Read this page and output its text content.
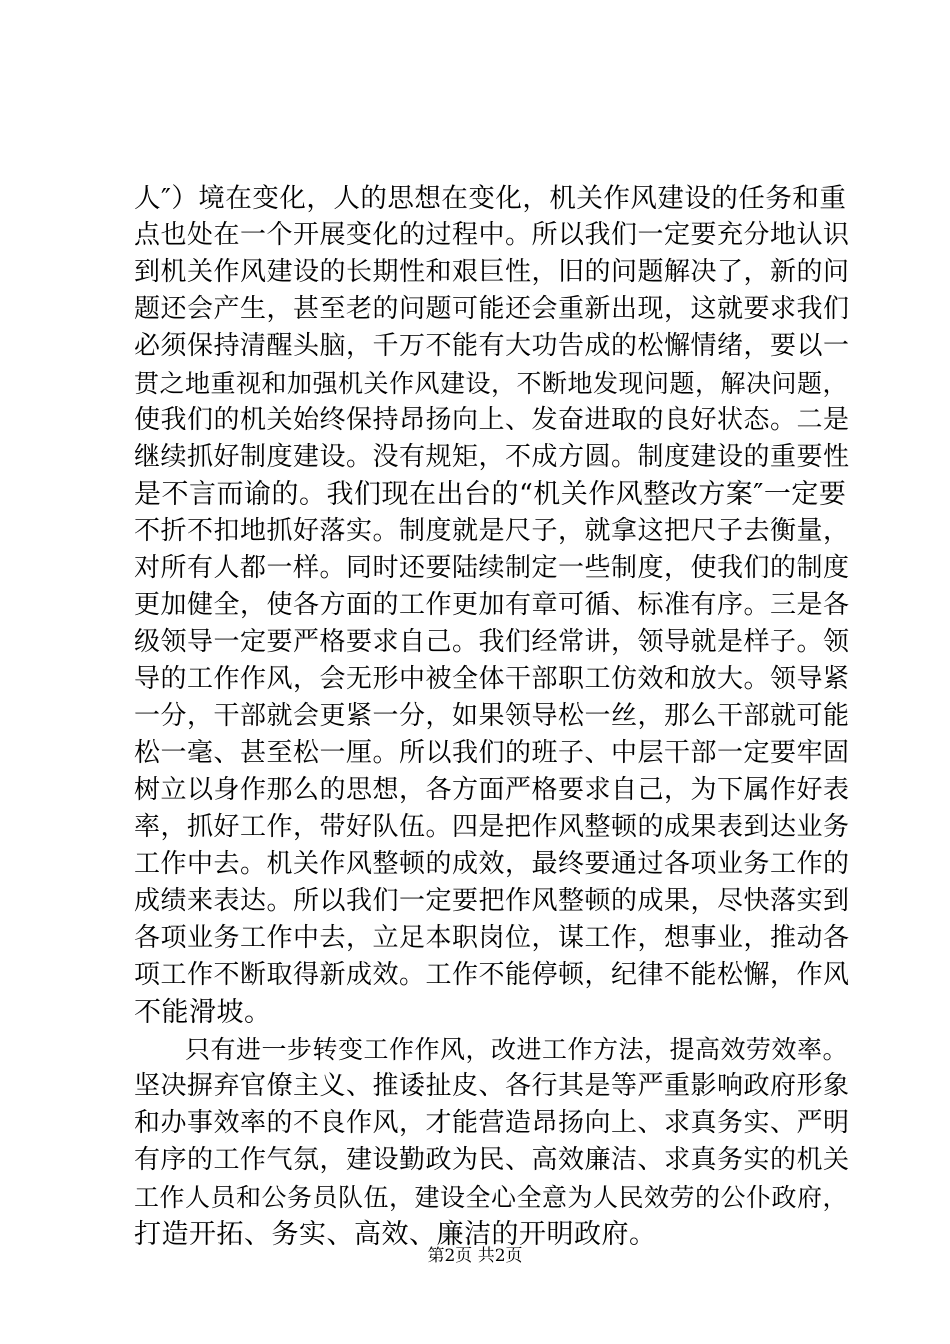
人″）境在变化，人的思想在变化，机关作风建设的任务和重
点也处在一个开展变化的过程中。所以我们一定要充分地认识
到机关作风建设的长期性和艰巨性，旧的问题解决了，新的问
题还会产生，甚至老的问题可能还会重新出现，这就要求我们
必须保持清醒头脑，千万不能有大功告成的松懈情绪，要以一
贯之地重视和加强机关作风建设，不断地发现问题，解决问题，
使我们的机关始终保持昂扬向上、发奋进取的良好状态。二是
继续抓好制度建设。没有规矩，不成方圆。制度建设的重要性
是不言而谕的。我们现在出台的“机关作风整改方案″一定要
不折不扣地抓好落实。制度就是尺子，就拿这把尺子去衡量，
对所有人都一样。同时还要陆续制定一些制度，使我们的制度
更加健全，使各方面的工作更加有章可循、标准有序。三是各
级领导一定要严格要求自己。我们经常讲，领导就是样子。领
导的工作作风，会无形中被全体干部职工仿效和放大。领导紧
一分，干部就会更紧一分，如果领导松一丝，那么干部就可能
松一毫、甚至松一厘。所以我们的班子、中层干部一定要牢固
树立以身作那么的思想，各方面严格要求自己，为下属作好表
率，抓好工作，带好队伍。四是把作风整顿的成果表到达业务
工作中去。机关作风整顿的成效，最终要通过各项业务工作的
成绩来表达。所以我们一定要把作风整顿的成果，尽快落实到
各项业务工作中去，立足本职岗位，谋工作，想事业，推动各
项工作不断取得新成效。工作不能停顿，纪律不能松懈，作风
不能滑坡。
　　只有进一步转变工作作风，改进工作方法，提高效劳效率。
坚决摒弃官僚主义、推诿扯皮、各行其是等严重影响政府形象
和办事效率的不良作风，才能营造昂扬向上、求真务实、严明
有序的工作气氛，建设勤政为民、高效廉洁、求真务实的机关
工作人员和公务员队伍，建设全心全意为人民效劳的公仆政府，
打造开拓、务实、高效、廉洁的开明政府。
第2页 共2页
